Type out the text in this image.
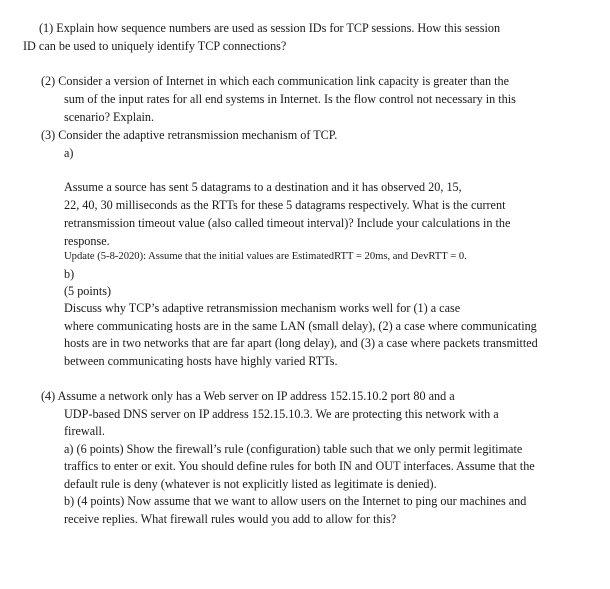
(1) Explain how sequence numbers are used as session IDs for TCP sessions. How this session
ID can be used to uniquely identify TCP connections?
(2) Consider a version of Internet in which each communication link capacity is greater than the
sum of the input rates for all end systems in Internet. Is the flow control not necessary in this
scenario? Explain.
(3) Consider the adaptive retransmission mechanism of TCP.
a)
Assume a source has sent 5 datagrams to a destination and it has observed 20, 15,
22, 40, 30 milliseconds as the RTTs for these 5 datagrams respectively. What is the current
retransmission timeout value (also called timeout interval)? Include your calculations in the
response.
Update (5-8-2020): Assume that the initial values are EstimatedRTT = 20ms, and DevRTT = 0.
b)
(5 points)
Discuss why TCP’s adaptive retransmission mechanism works well for (1) a case
where communicating hosts are in the same LAN (small delay), (2) a case where communicating
hosts are in two networks that are far apart (long delay), and (3) a case where packets transmitted
between communicating hosts have highly varied RTTs.
(4) Assume a network only has a Web server on IP address 152.15.10.2 port 80 and a
UDP-based DNS server on IP address 152.15.10.3. We are protecting this network with a
firewall.
a) (6 points) Show the firewall’s rule (configuration) table such that we only permit legitimate
traffics to enter or exit. You should define rules for both IN and OUT interfaces. Assume that the
default rule is deny (whatever is not explicitly listed as legitimate is denied).
b) (4 points) Now assume that we want to allow users on the Internet to ping our machines and
receive replies. What firewall rules would you add to allow for this?
